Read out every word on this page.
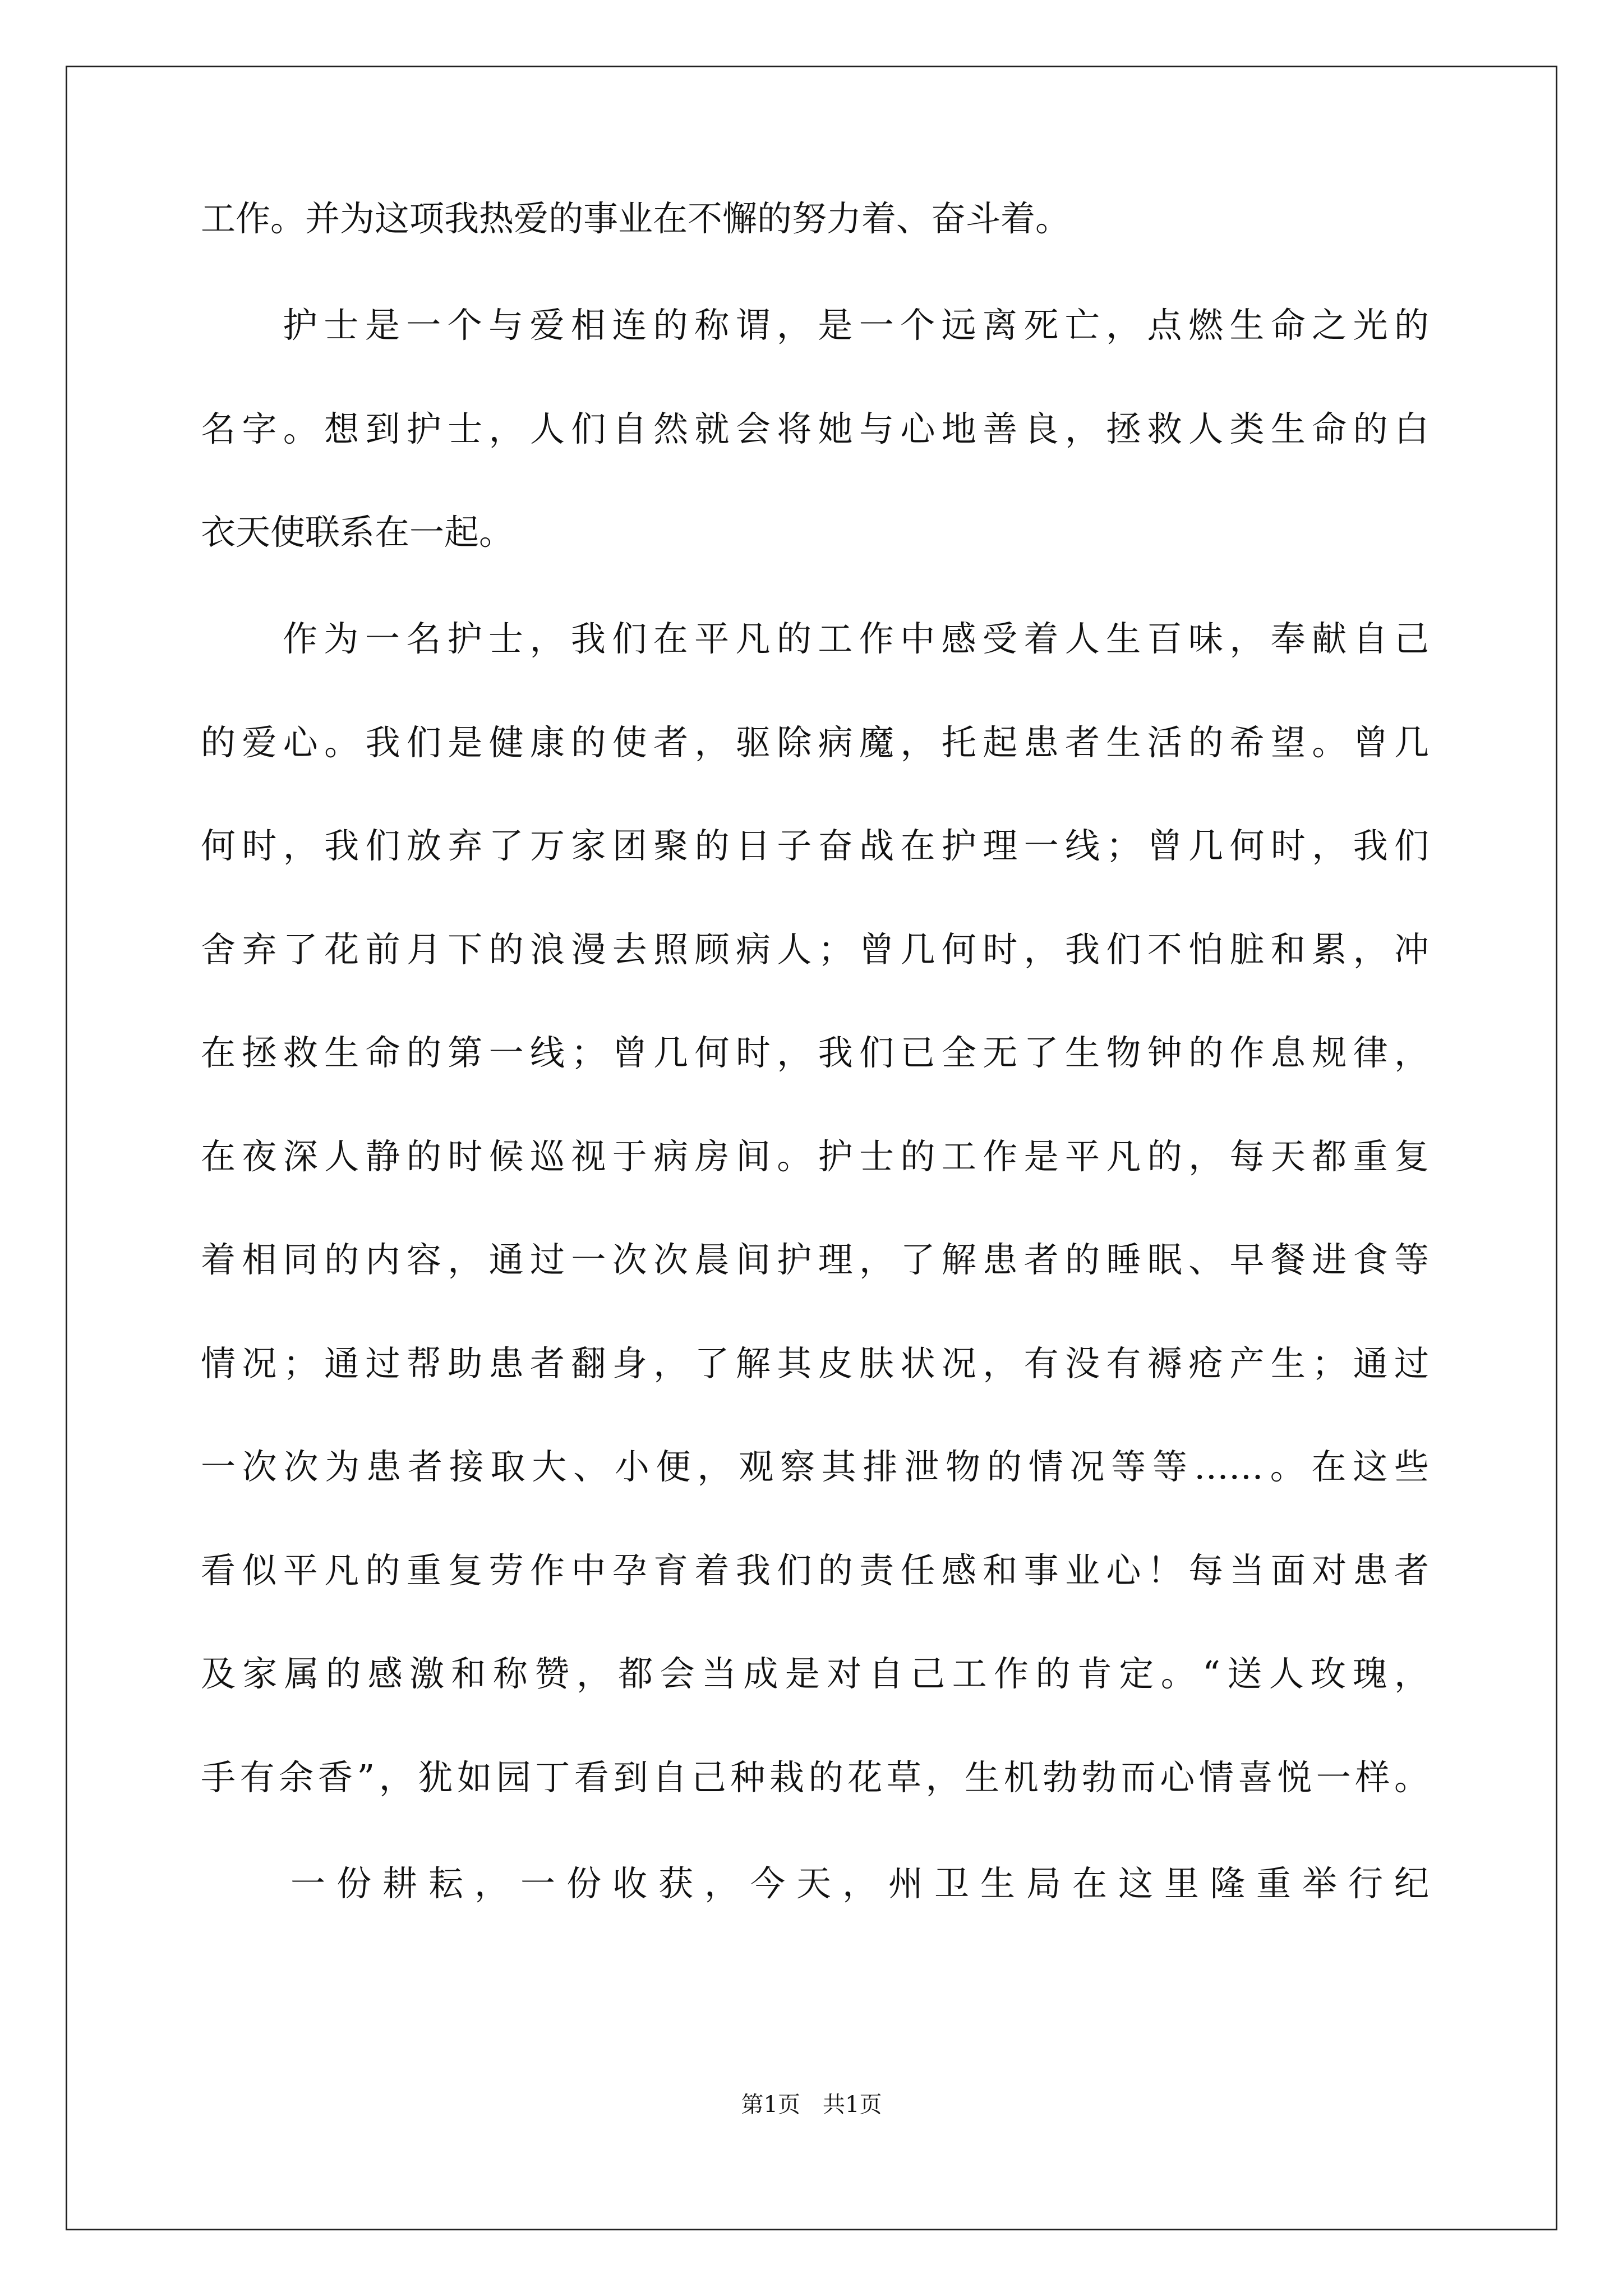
工作。并为这项我热爱的事业在不懈的努力着、奋斗着。
护士是一个与爱相连的称谓，是一个远离死亡，点燃生命之光的
名字。想到护士，人们自然就会将她与心地善良，拯救人类生命的白
衣天使联系在一起。
作为一名护士，我们在平凡的工作中感受着人生百味，奉献自己
的爱心。我们是健康的使者，驱除病魔，托起患者生活的希望。曾几
何时，我们放弃了万家团聚的日子奋战在护理一线；曾几何时，我们
舍弃了花前月下的浪漫去照顾病人；曾几何时，我们不怕脏和累，冲
在拯救生命的第一线；曾几何时，我们已全无了生物钟的作息规律，
在夜深人静的时候巡视于病房间。护士的工作是平凡的，每天都重复
着相同的内容，通过一次次晨间护理，了解患者的睡眠、早餐进食等
情况；通过帮助患者翻身，了解其皮肤状况，有没有褥疮产生；通过
一次次为患者接取大、小便，观察其排泄物的情况等等……。在这些
看似平凡的重复劳作中孕育着我们的责任感和事业心！每当面对患者
及家属的感激和称赞，都会当成是对自己工作的肯定。“送人玫瑰，
手有余香”，犹如园丁看到自己种栽的花草，生机勃勃而心情喜悦一样。
一份耕耘，一份收获，今天，州卫生局在这里隆重举行纪
第1页　共1页
